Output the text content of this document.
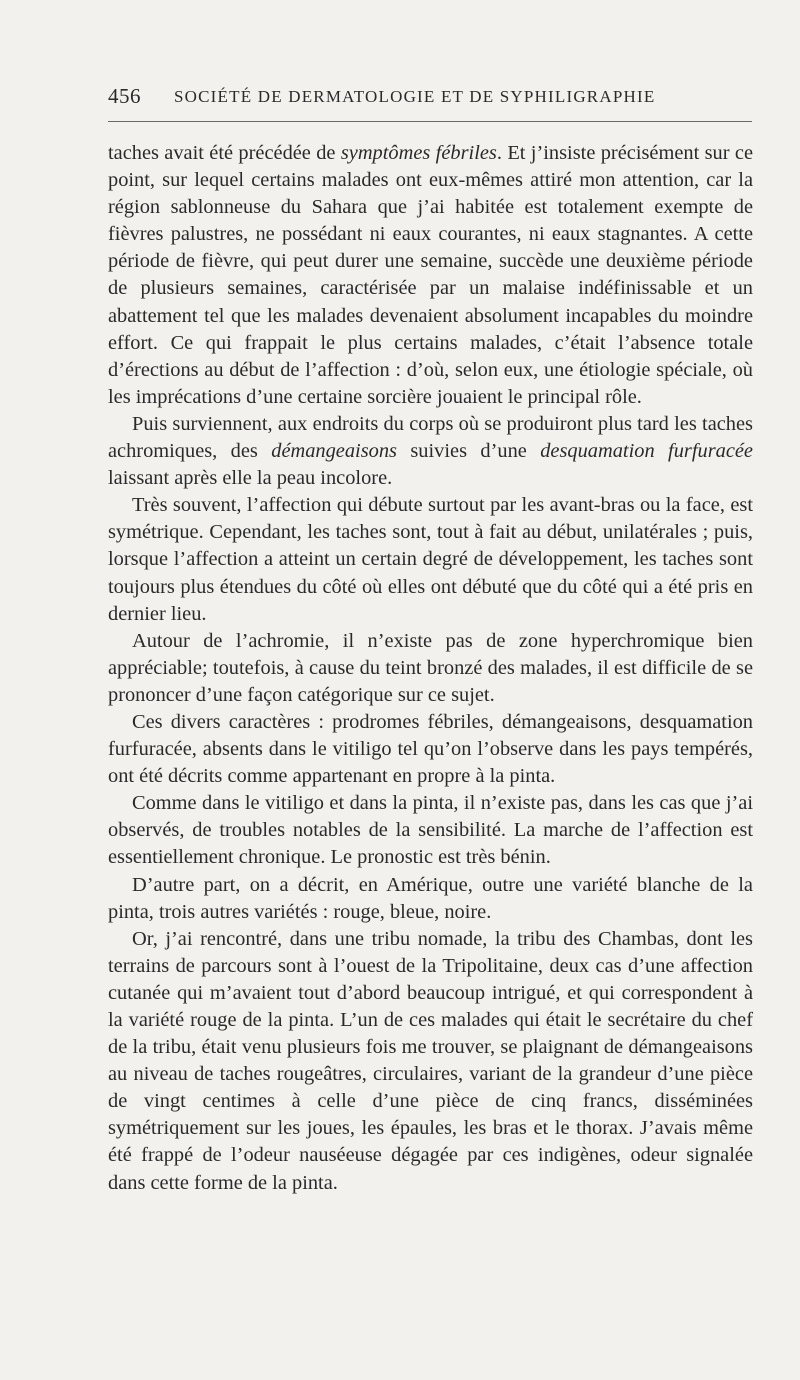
456 SOCIÉTÉ DE DERMATOLOGIE ET DE SYPHILIGRAPHIE

taches avait été précédée de symptômes fébriles. Et j’insiste précisément sur ce point, sur lequel certains malades ont eux-mêmes attiré mon attention, car la région sablonneuse du Sahara que j’ai habitée est totalement exempte de fièvres palustres, ne possédant ni eaux courantes, ni eaux stagnantes. A cette période de fièvre, qui peut durer une semaine, succède une deuxième période de plusieurs semaines, caractérisée par un malaise indéfinissable et un abattement tel que les malades devenaient absolument incapables du moindre effort. Ce qui frappait le plus certains malades, c’était l’absence totale d’érections au début de l’affection : d’où, selon eux, une étiologie spéciale, où les imprécations d’une certaine sorcière jouaient le principal rôle.

Puis surviennent, aux endroits du corps où se produiront plus tard les taches achromiques, des démangeaisons suivies d’une desquamation furfuracée laissant après elle la peau incolore.

Très souvent, l’affection qui débute surtout par les avant-bras ou la face, est symétrique. Cependant, les taches sont, tout à fait au début, unilatérales ; puis, lorsque l’affection a atteint un certain degré de développement, les taches sont toujours plus étendues du côté où elles ont débuté que du côté qui a été pris en dernier lieu.

Autour de l’achromie, il n’existe pas de zone hyperchromique bien appréciable; toutefois, à cause du teint bronzé des malades, il est difficile de se prononcer d’une façon catégorique sur ce sujet.

Ces divers caractères : prodromes fébriles, démangeaisons, desquamation furfuracée, absents dans le vitiligo tel qu’on l’observe dans les pays tempérés, ont été décrits comme appartenant en propre à la pinta.

Comme dans le vitiligo et dans la pinta, il n’existe pas, dans les cas que j’ai observés, de troubles notables de la sensibilité. La marche de l’affection est essentiellement chronique. Le pronostic est très bénin.

D’autre part, on a décrit, en Amérique, outre une variété blanche de la pinta, trois autres variétés : rouge, bleue, noire.

Or, j’ai rencontré, dans une tribu nomade, la tribu des Chambas, dont les terrains de parcours sont à l’ouest de la Tripolitaine, deux cas d’une affection cutanée qui m’avaient tout d’abord beaucoup intrigué, et qui correspondent à la variété rouge de la pinta. L’un de ces malades qui était le secrétaire du chef de la tribu, était venu plusieurs fois me trouver, se plaignant de démangeaisons au niveau de taches rougeâtres, circulaires, variant de la grandeur d’une pièce de vingt centimes à celle d’une pièce de cinq francs, disséminées symétriquement sur les joues, les épaules, les bras et le thorax. J’avais même été frappé de l’odeur nauséeuse dégagée par ces indigènes, odeur signalée dans cette forme de la pinta.
